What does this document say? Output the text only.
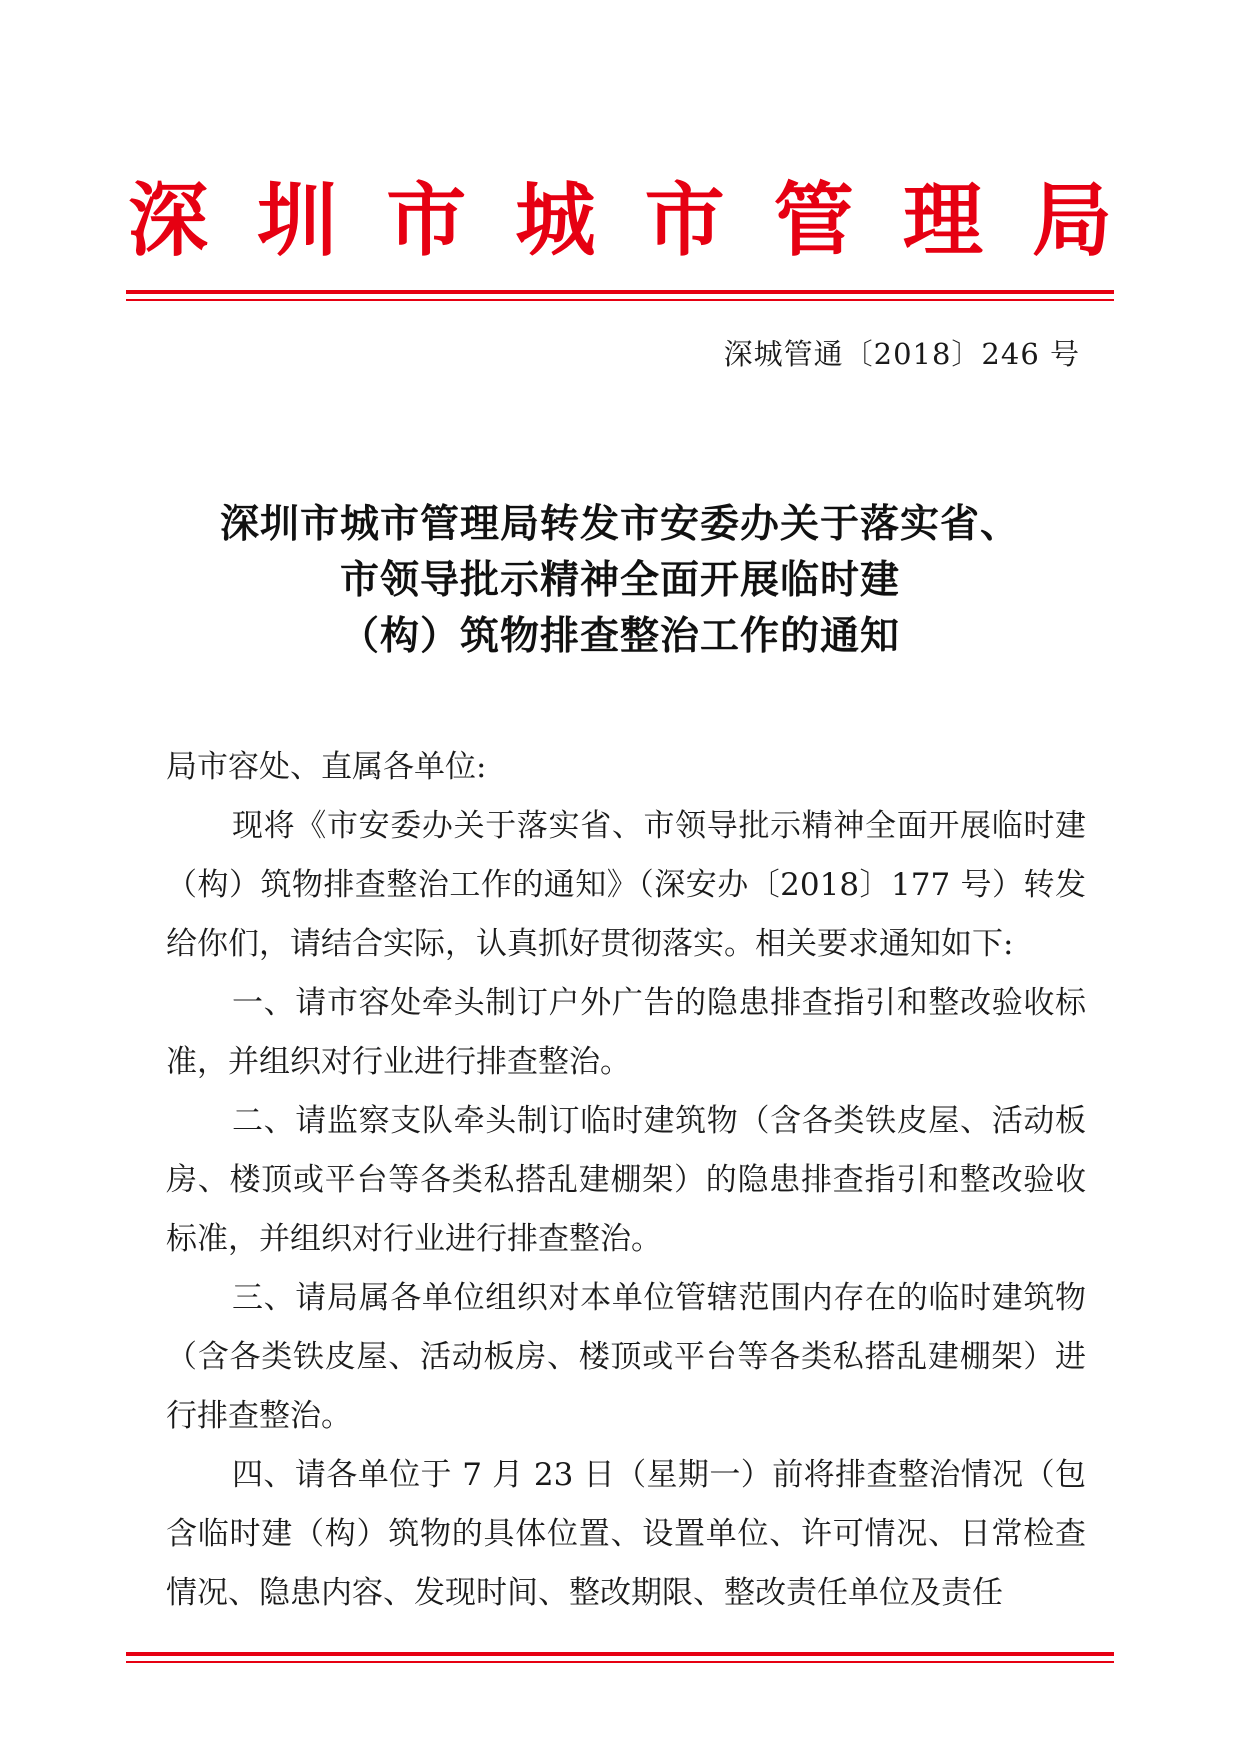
深 圳 市 城 市 管 理 局
深城管通〔2018〕246 号
深圳市城市管理局转发市安委办关于落实省、
市领导批示精神全面开展临时建
（构）筑物排查整治工作的通知

局市容处、直属各单位:

现将《市安委办关于落实省、市领导批示精神全面开展临时建（构）筑物排查整治工作的通知》（深安办〔2018〕177 号）转发给你们，请结合实际，认真抓好贯彻落实。相关要求通知如下:

一、请市容处牵头制订户外广告的隐患排查指引和整改验收标准，并组织对行业进行排查整治。

二、请监察支队牵头制订临时建筑物（含各类铁皮屋、活动板房、楼顶或平台等各类私搭乱建棚架）的隐患排查指引和整改验收标准，并组织对行业进行排查整治。

三、请局属各单位组织对本单位管辖范围内存在的临时建筑物（含各类铁皮屋、活动板房、楼顶或平台等各类私搭乱建棚架）进行排查整治。

四、请各单位于 7 月 23 日（星期一）前将排查整治情况（包含临时建（构）筑物的具体位置、设置单位、许可情况、日常检查情况、隐患内容、发现时间、整改期限、整改责任单位及责任
